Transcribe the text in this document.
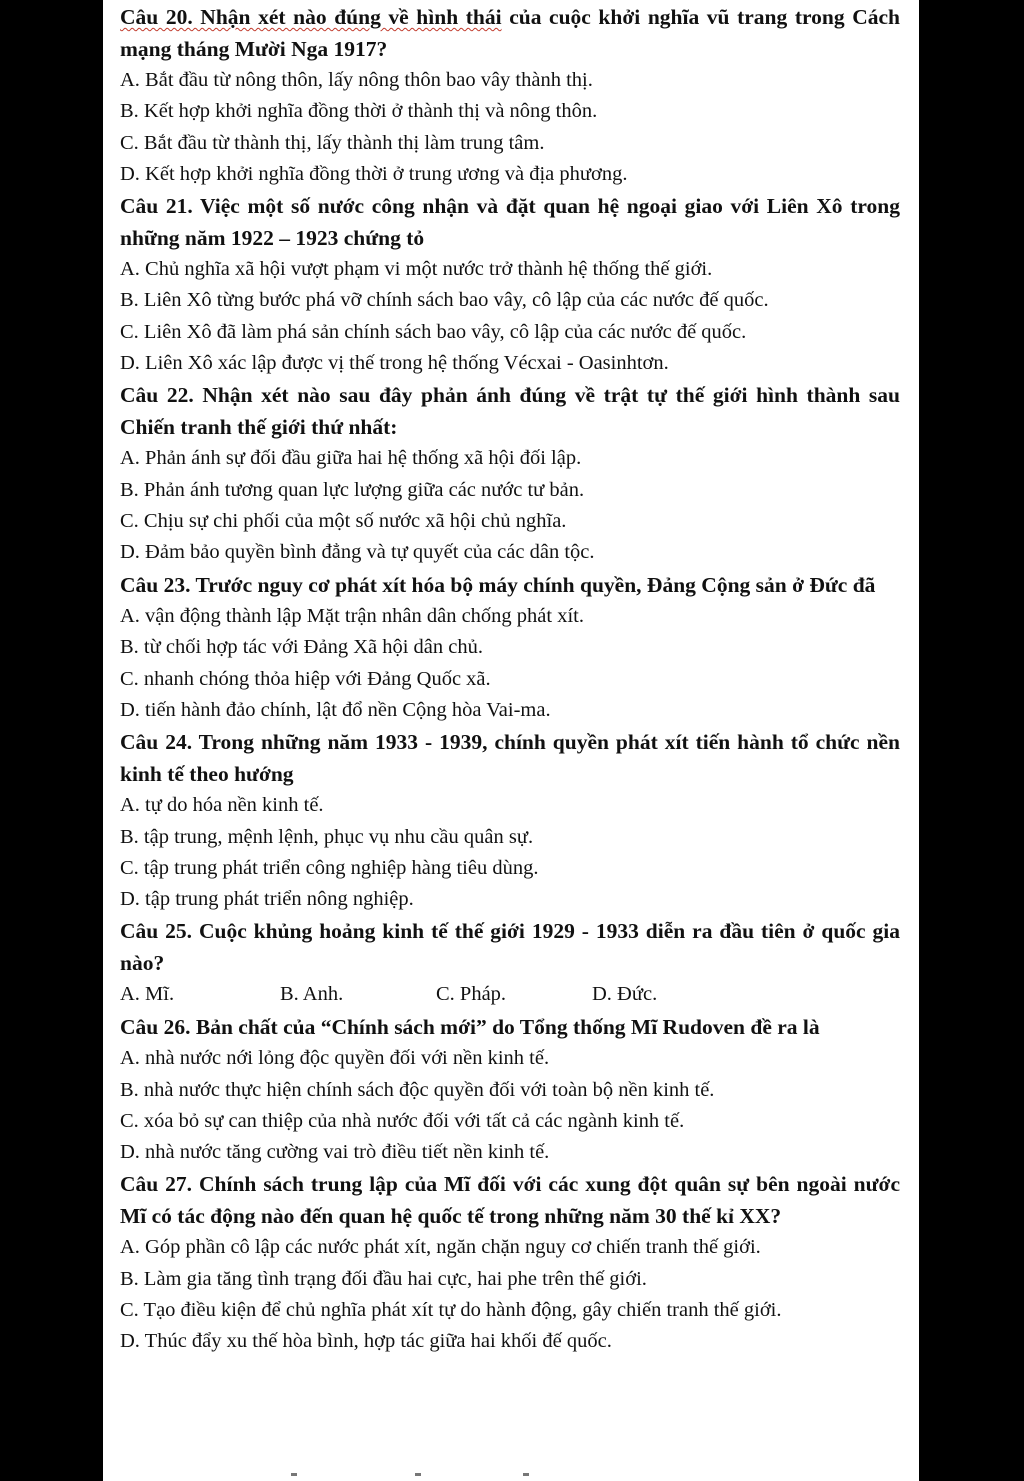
Câu 20. Nhận xét nào đúng về hình thái của cuộc khởi nghĩa vũ trang trong Cách mạng tháng Mười Nga 1917?

A. Bắt đầu từ nông thôn, lấy nông thôn bao vây thành thị.

B. Kết hợp khởi nghĩa đồng thời ở thành thị và nông thôn.

C. Bắt đầu từ thành thị, lấy thành thị làm trung tâm.

D. Kết hợp khởi nghĩa đồng thời ở trung ương và địa phương.

Câu 21. Việc một số nước công nhận và đặt quan hệ ngoại giao với Liên Xô trong những năm 1922 – 1923 chứng tỏ

A. Chủ nghĩa xã hội vượt phạm vi một nước trở thành hệ thống thế giới.

B. Liên Xô từng bước phá vỡ chính sách bao vây, cô lập của các nước đế quốc.

C. Liên Xô đã làm phá sản chính sách bao vây, cô lập của các nước đế quốc.

D. Liên Xô xác lập được vị thế trong hệ thống Vécxai - Oasinhtơn.

Câu 22. Nhận xét nào sau đây phản ánh đúng về trật tự thế giới hình thành sau Chiến tranh thế giới thứ nhất:

A. Phản ánh sự đối đầu giữa hai hệ thống xã hội đối lập.

B. Phản ánh tương quan lực lượng giữa các nước tư bản.

C. Chịu sự chi phối của một số nước xã hội chủ nghĩa.

D. Đảm bảo quyền bình đẳng và tự quyết của các dân tộc.

Câu 23. Trước nguy cơ phát xít hóa bộ máy chính quyền, Đảng Cộng sản ở Đức đã

A. vận động thành lập Mặt trận nhân dân chống phát xít.

B. từ chối hợp tác với Đảng Xã hội dân chủ.

C. nhanh chóng thỏa hiệp với Đảng Quốc xã.

D. tiến hành đảo chính, lật đổ nền Cộng hòa Vai-ma.

Câu 24. Trong những năm 1933 - 1939, chính quyền phát xít tiến hành tổ chức nền kinh tế theo hướng

A. tự do hóa nền kinh tế.

B. tập trung, mệnh lệnh, phục vụ nhu cầu quân sự.

C. tập trung phát triển công nghiệp hàng tiêu dùng.

D. tập trung phát triển nông nghiệp.

Câu 25. Cuộc khủng hoảng kinh tế thế giới 1929 - 1933 diễn ra đầu tiên ở quốc gia nào?

A. Mĩ.	B. Anh.	C. Pháp.	D. Đức.

Câu 26. Bản chất của “Chính sách mới” do Tổng thống Mĩ Rudoven đề ra là

A. nhà nước nới lỏng độc quyền đối với nền kinh tế.

B. nhà nước thực hiện chính sách độc quyền đối với toàn bộ nền kinh tế.

C. xóa bỏ sự can thiệp của nhà nước đối với tất cả các ngành kinh tế.

D. nhà nước tăng cường vai trò điều tiết nền kinh tế.

Câu 27. Chính sách trung lập của Mĩ đối với các xung đột quân sự bên ngoài nước Mĩ có tác động nào đến quan hệ quốc tế trong những năm 30 thế kỉ XX?

A. Góp phần cô lập các nước phát xít, ngăn chặn nguy cơ chiến tranh thế giới.

B. Làm gia tăng tình trạng đối đầu hai cực, hai phe trên thế giới.

C. Tạo điều kiện để chủ nghĩa phát xít tự do hành động, gây chiến tranh thế giới.

D. Thúc đẩy xu thế hòa bình, hợp tác giữa hai khối đế quốc.
